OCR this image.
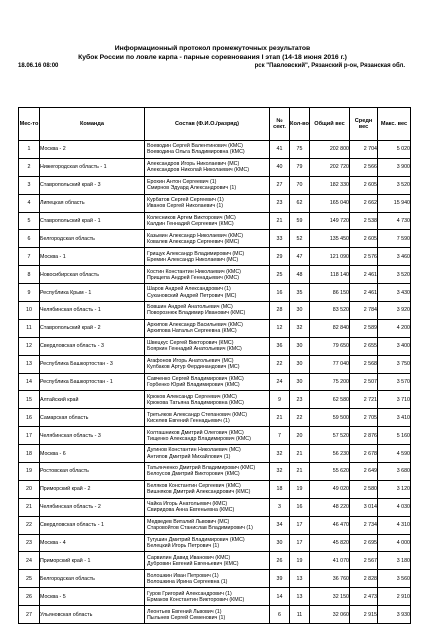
Информационный протокол промежуточных результатов
Кубок России по ловле карпа - парные соревнования I этап (14-18 июня 2016 г.)
18.06.16 08:00	рск "Павловский", Рязанский р-он, Рязанская обл.
Мес-то	Команда	Состав (Ф.И.О./разряд)	№ сект.	Кол-во	Общий вес	Средн вес	Макс. вес
1	Москва - 2	Воеводин Сергей Валентинович (КМС)
Воеводина Ольга Владимировна (КМС)	41	75	202 800	2 704	5 020
2	Нижегородская область - 1	Александров Игорь Николаевич (МС)
Александров Николай Николаевич (КМС)	40	79	202 720	2 566	3 900
3	Ставропольский край - 3	Ерохин Антон Сергеевич (1)
Смирнов Эдуард Александрович (1)	27	70	182 330	2 605	3 520
4	Липецкая область	Курбатов Сергей Сергеевич (1)
Иванов Сергей Николаевич (1)	23	62	165 040	2 662	15 940
5	Ставропольский край - 1	Колесников Артем Викторович (МС)
Калдин Геннадий Сергеевич (КМС)	21	59	149 720	2 538	4 730
6	Белгородская область	Казьмин Александр Николаевич (КМС)
Ковалев Александр Сергеевич (КМС)	33	52	135 450	2 605	7 590
7	Москва - 1	Грищук Александр Владимирович (МС)
Еремин Александр Николаевич (МС)	29	47	121 090	2 576	3 460
8	Новосибирская область	Костин Константин Николаевич (КМС)
Прищепа Андрей Геннадьевич (КМС)	25	48	118 140	2 461	3 520
9	Республика Крым - 1	Шаров Андрей Александрович (1)
Сукановский Андрей Петрович (МС)	16	35	86 150	2 461	3 430
10	Челябинская область - 1	Бовшин Андрей Анатольевич (МС)
Поворознюк Владимир Иванович (КМС)	28	30	83 520	2 784	3 920
11	Ставропольский край - 2	Архипов Александр Васильевич (КМС)
Архипова Наталья Сергеевна (КМС)	12	32	82 840	2 589	4 200
12	Свердловская область - 3	Швецкус Сергей Викторович (КМС)
Бояркин Геннадий Анатольевич (КМС)	36	30	79 650	2 655	3 400
13	Республика Башкортостан - 3	Агафонов Игорь Анатольевич (МС)
Кулбаков Артур Фердинандович (МС)	22	30	77 040	2 568	3 750
14	Республика Башкортостан - 1	Савченко Сергей Владимирович (КМС)
Горбенко Юрий Владимирович (КМС)	24	30	75 200	2 507	3 570
15	Алтайский край	Крюков Александр Сергеевич (КМС)
Крюкова Татьяна Владимировна (КМС)	9	23	62 580	2 721	3 710
16	Самарская область	Третьяков Александр Степанович (КМС)
Киселев Евгений Геннадьевич (1)	21	22	59 500	2 705	3 410
17	Челябинская область - 3	Колташников Дмитрий Олегович (КМС)
Тищенко Александр Владимирович (КМС)	7	20	57 520	2 876	5 160
18	Москва - 6	Дугинов Константин Николаевич (МС)
Антипов Дмитрий Михайлович (1)	32	21	56 230	2 678	4 590
19	Ростовская область	Татьянченко Дмитрий Владимирович (КМС)
Белоусов Дмитрий Викторович (КМС)	32	21	55 620	2 649	3 680
20	Приморский край - 2	Беляков Константин Сергеевич (КМС)
Вишняков Дмитрий Александрович (КМС)	18	19	49 020	2 580	3 120
21	Челябинская область - 2	Чайка Игорь Анатольевич (КМС)
Свиридова Анна Евгеньевна (КМС)	3	16	48 220	3 014	4 030
22	Свердловская область - 1	Медведев Виталий Львович (МС)
Старовойтов Станислав Владимирович (1)	34	17	46 470	2 734	4 310
23	Москва - 4	Тугушин Дмитрий Владимирович (КМС)
Белецкий Игорь Петрович (1)	30	17	45 820	2 695	4 000
24	Приморский край - 1	Сарвилин Давид Иванович (КМС)
Дубровин Евгений Евгеньевич (КМС)	26	19	41 070	2 567	3 180
25	Белгородская область	Волошкин Иван Петрович (1)
Волошкина Ирина Сергеевна (1)	39	13	36 760	2 828	3 560
26	Москва - 5	Гуров Григорий Александрович (1)
Ермаков Константин Викторович (КМС)	14	13	32 150	2 473	2 910
27	Ульяновская область	Леонтьев Евгений Львович (1)
Пыльнев Сергей Семенович (1)	6	11	32 060	2 915	3 930
